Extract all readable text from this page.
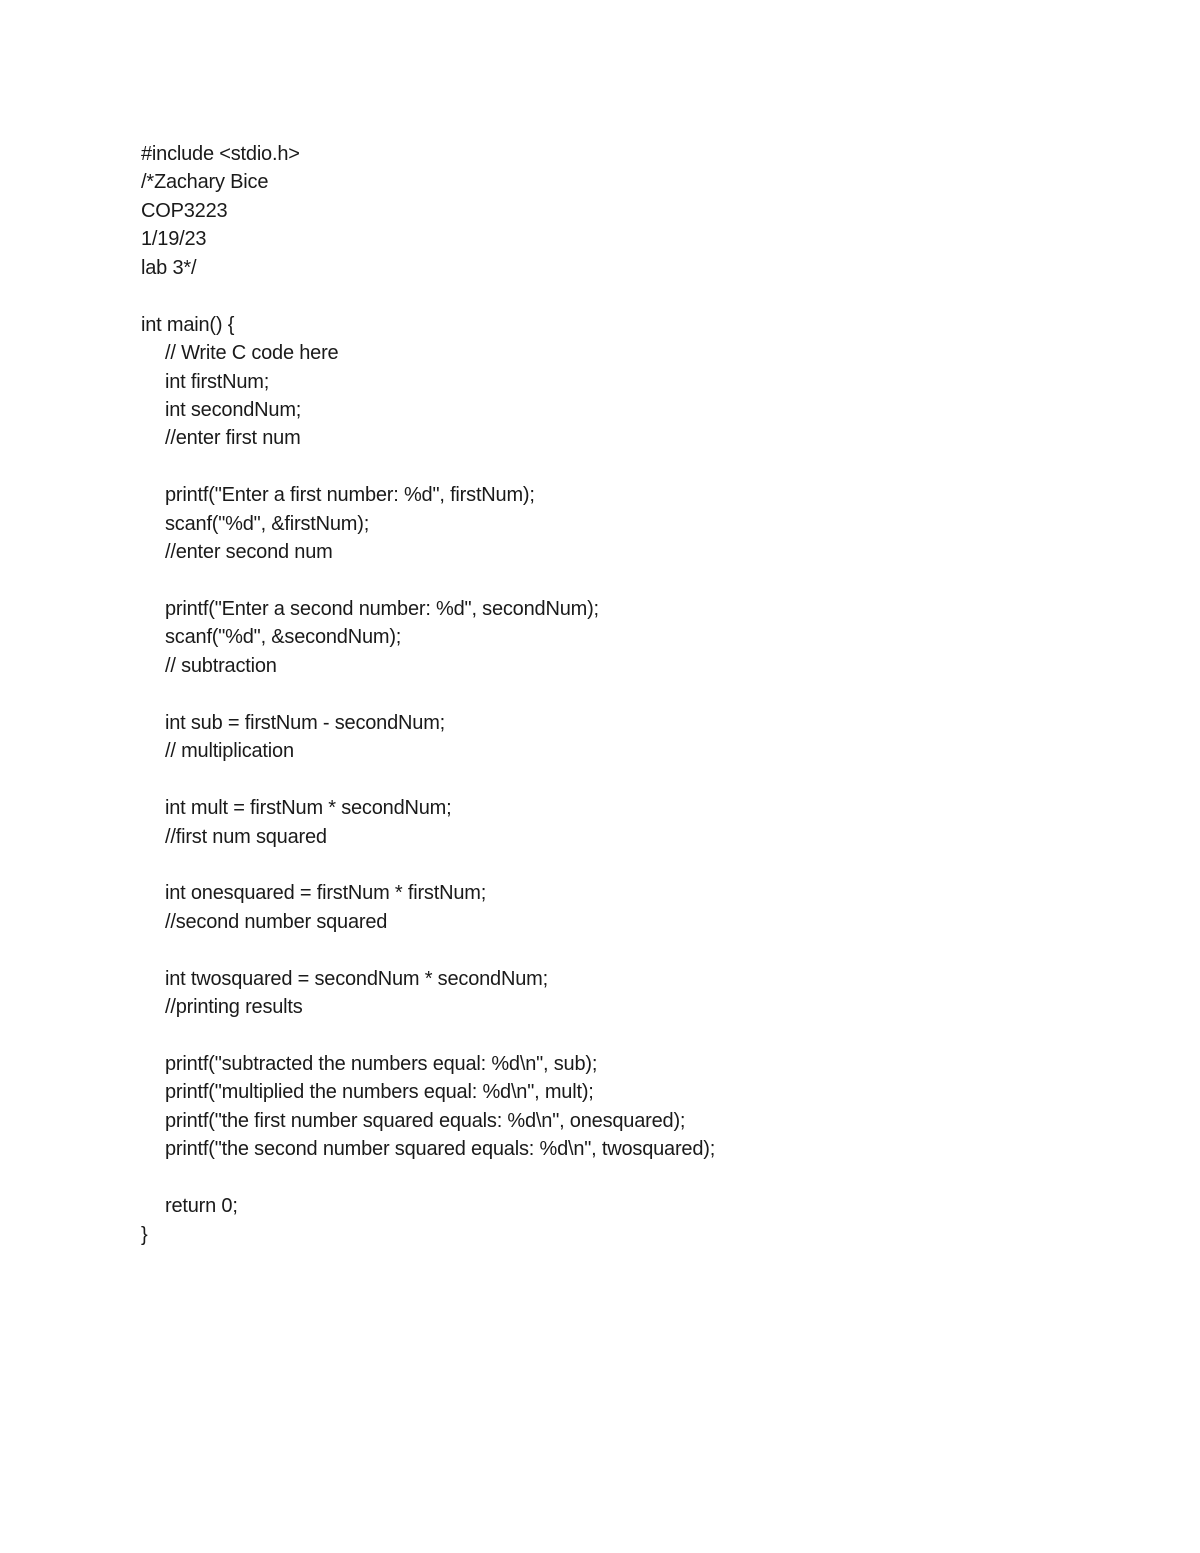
#include <stdio.h>
/*Zachary Bice
COP3223
1/19/23
lab 3*/
int main() {
// Write C code here
int firstNum;
int secondNum;
//enter first num
printf("Enter a first number: %d", firstNum);
scanf("%d", &firstNum);
//enter second num
printf("Enter a second number: %d", secondNum);
scanf("%d", &secondNum);
// subtraction
int sub = firstNum - secondNum;
// multiplication
int mult = firstNum * secondNum;
//first num squared
int onesquared = firstNum * firstNum;
//second number squared
int twosquared = secondNum * secondNum;
//printing results
printf("subtracted the numbers equal: %d\n", sub);
printf("multiplied the numbers equal: %d\n", mult);
printf("the first number squared equals: %d\n", onesquared);
printf("the second number squared equals: %d\n", twosquared);
return 0;
}
